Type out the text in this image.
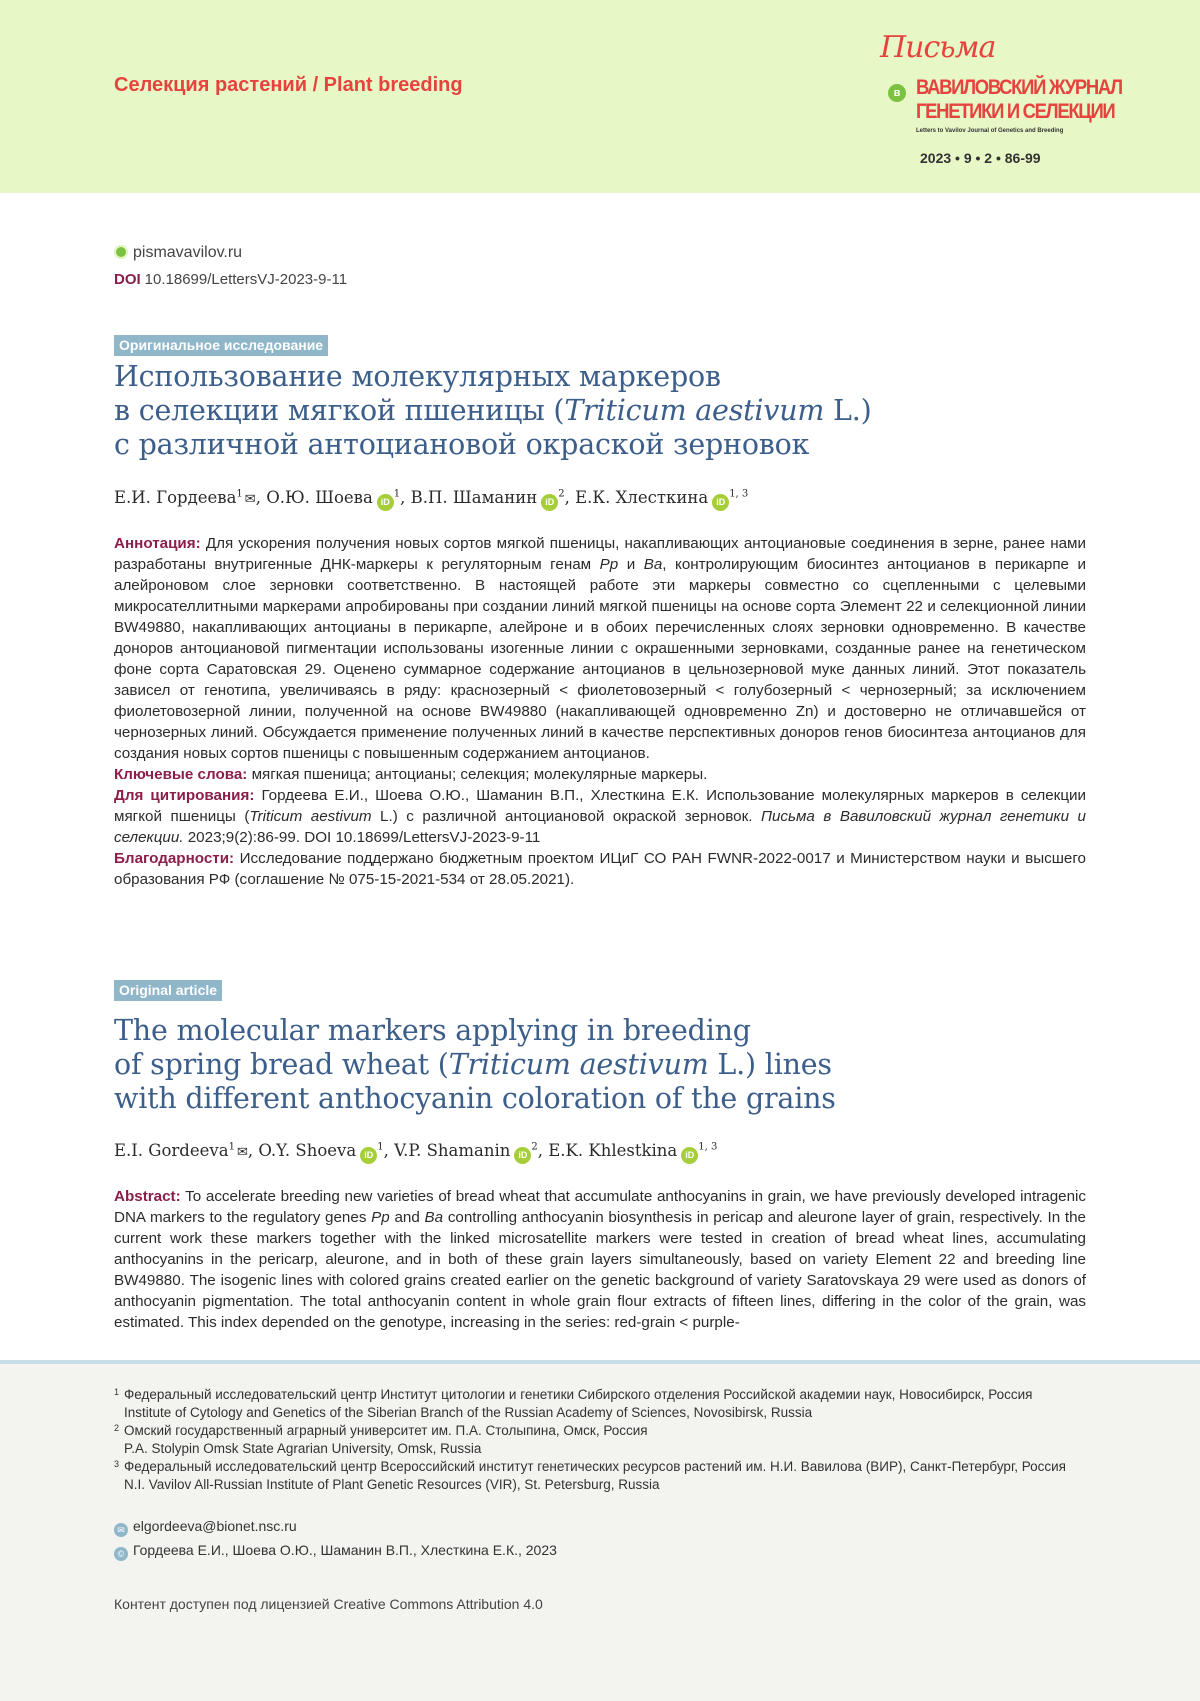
Селекция растений / Plant breeding
Письма
в ВАВИЛОВСКИЙ ЖУРНАЛ
ГЕНЕТИКИ И СЕЛЕКЦИИ
Letters to Vavilov Journal of Genetics and Breeding
2023 • 9 • 2 • 86-99
pismavavilov.ru
DOI 10.18699/LettersVJ-2023-9-11
Оригинальное исследование
Использование молекулярных маркеров
в селекции мягкой пшеницы (Triticum aestivum L.)
с различной антоциановой окраской зерновок
Е.И. Гордеева$^1$ ✉, О.Ю. Шоева $iD^1$, В.П. Шаманин $iD^2$, Е.К. Хлесткина iD$^{1, 3}$

Аннотация: Для ускорения получения новых сортов мягкой пшеницы, накапливающих антоциановые соединения в зерне, ранее нами разработаны внутригенные ДНК-маркеры к регуляторным генам Pp и Ba, контролирующим биосинтез антоцианов в перикарпе и алейроновом слое зерновки соответственно. В настоящей работе эти маркеры совместно со сцепленными с целевыми микросателлитными маркерами апробированы при создании линий мягкой пшеницы на основе сорта Элемент 22 и селекционной линии BW49880, накапливающих антоцианы в перикарпе, алейроне и в обоих перечисленных слоях зерновки одновременно. В качестве доноров антоциановой пигментации использованы изогенные линии с окрашенными зерновками, созданные ранее на генетическом фоне сорта Саратовская 29. Оценено суммарное содержание антоцианов в цельнозерновой муке данных линий. Этот показатель зависел от генотипа, увеличиваясь в ряду: краснозерный < фиолетовозерный < голубозерный < чернозерный; за исключением фиолетовозерной линии, полученной на основе BW49880 (накапливающей одновременно Zn) и достоверно не отличавшейся от чернозерных линий. Обсуждается применение полученных линий в качестве перспективных доноров генов биосинтеза антоцианов для создания новых сортов пшеницы с повышенным содержанием антоцианов.

Ключевые слова: мягкая пшеница; антоцианы; селекция; молекулярные маркеры.

Для цитирования: Гордеева Е.И., Шоева О.Ю., Шаманин В.П., Хлесткина Е.К. Использование молекулярных маркеров в селекции мягкой пшеницы (Triticum aestivum L.) с различной антоциановой окраской зерновок. Письма в Вавиловский журнал генетики и селекции. 2023;9(2):86-99. DOI 10.18699/LettersVJ-2023-9-11

Благодарности: Исследование поддержано бюджетным проектом ИЦиГ СО РАН FWNR-2022-0017 и Министерством науки и высшего образования РФ (соглашение № 075-15-2021-534 от 28.05.2021).

Original article
The molecular markers applying in breeding
of spring bread wheat (Triticum aestivum L.) lines
with different anthocyanin coloration of the grains
E.I. Gordeeva$^1$ ✉, O.Y. Shoeva $iD^1$, V.P. Shamanin $iD^2$, E.K. Khlestkina iD$^{1, 3}$

Abstract: To accelerate breeding new varieties of bread wheat that accumulate anthocyanins in grain, we have previously developed intragenic DNA markers to the regulatory genes Pp and Ba controlling anthocyanin biosynthesis in pericap and aleurone layer of grain, respectively. In the current work these markers together with the linked microsatellite markers were tested in creation of bread wheat lines, accumulating anthocyanins in the pericarp, aleurone, and in both of these grain layers simultaneously, based on variety Element 22 and breeding line BW49880. The isogenic lines with colored grains created earlier on the genetic background of variety Saratovskaya 29 were used as donors of anthocyanin pigmentation. The total anthocyanin content in whole grain flour extracts of fifteen lines, differing in the color of the grain, was estimated. This index depended on the genotype, increasing in the series: red-grain < purple-

1 Федеральный исследовательский центр Институт цитологии и генетики Сибирского отделения Российской академии наук, Новосибирск, Россия
Institute of Cytology and Genetics of the Siberian Branch of the Russian Academy of Sciences, Novosibirsk, Russia
2 Омский государственный аграрный университет им. П.А. Столыпина, Омск, Россия
P.A. Stolypin Omsk State Agrarian University, Omsk, Russia
3 Федеральный исследовательский центр Всероссийский институт генетических ресурсов растений им. Н.И. Вавилова (ВИР), Санкт-Петербург, Россия
N.I. Vavilov All-Russian Institute of Plant Genetic Resources (VIR), St. Petersburg, Russia
✉ elgordeeva@bionet.nsc.ru
© Гордеева Е.И., Шоева О.Ю., Шаманин В.П., Хлесткина Е.К., 2023
Контент доступен под лицензией Creative Commons Attribution 4.0
